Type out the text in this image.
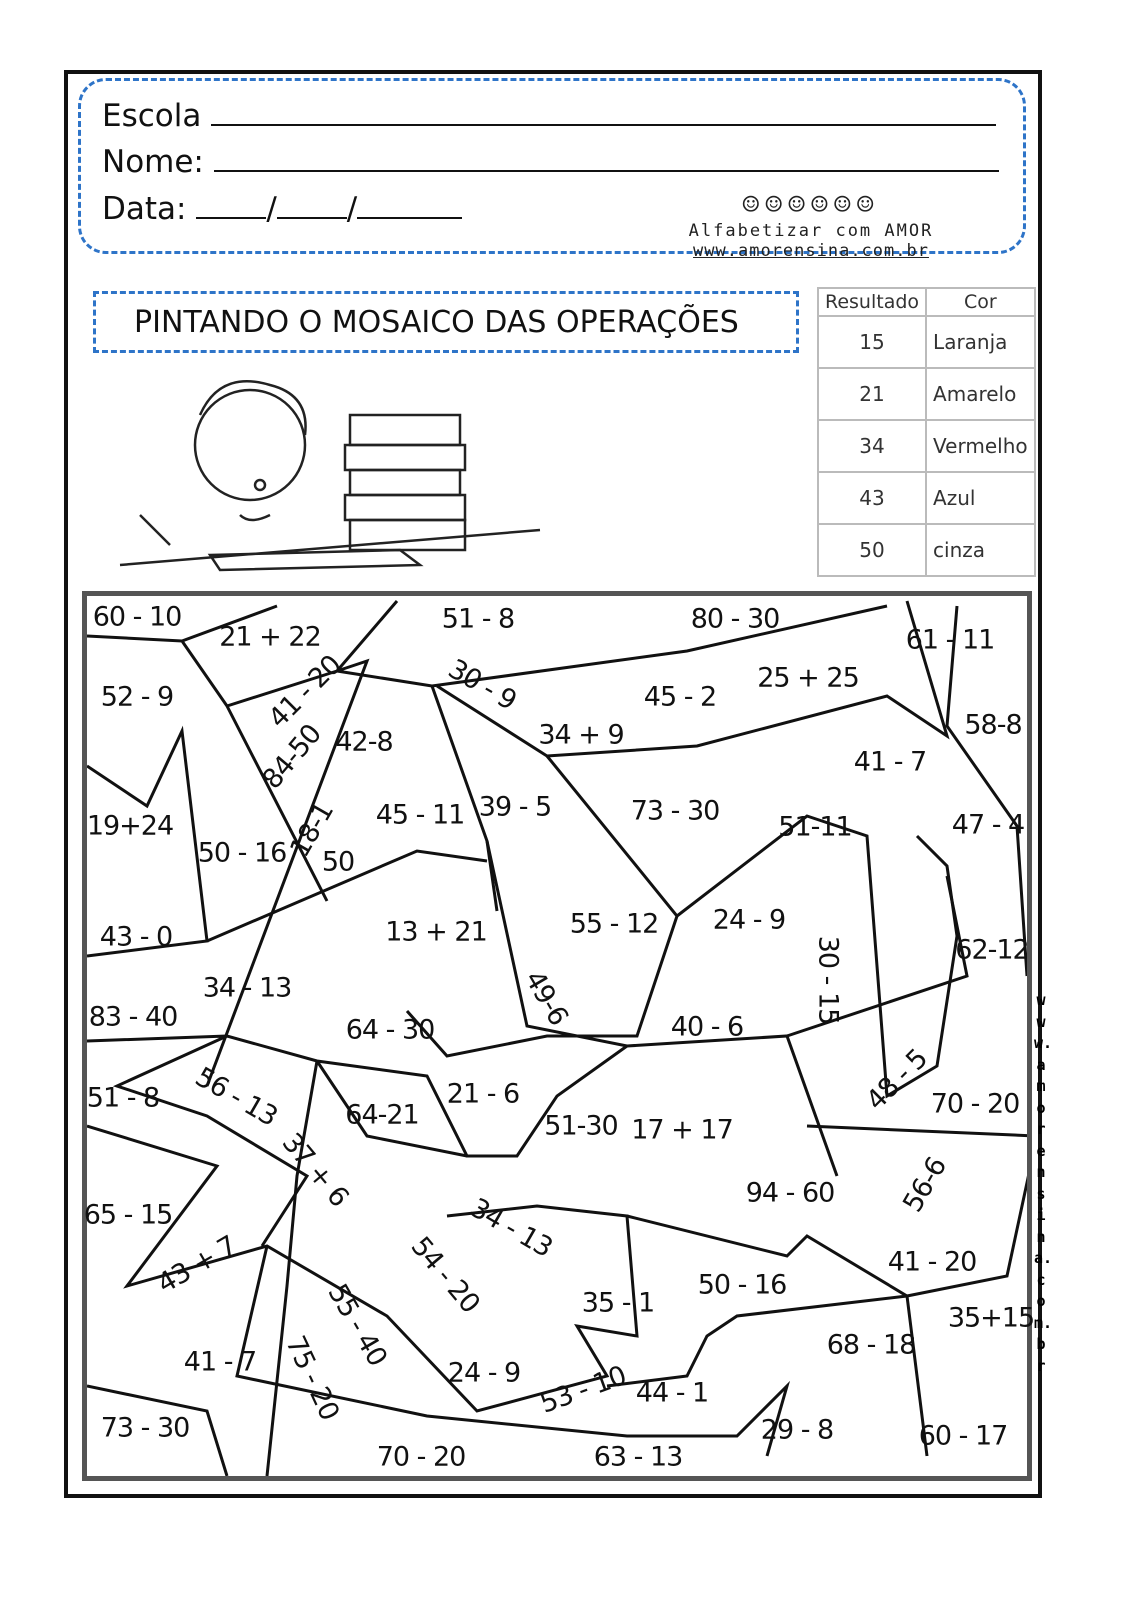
Escola
Nome:
Data:	/ /	☺☺☺☺☺☺
Alfabetizar com AMOR
www.amorensina.com.br
PINTANDO O MOSAICO DAS OPERAÇÕES
Resultado	Cor
15	Laranja
21	Amarelo
34	Vermelho
43	Azul
50	cinza
60 - 10
21 + 22
51 - 8	80 - 30
61 - 11
52 - 9	41 - 20	30 - 9	45 - 2
25 + 25
58-8
84-50 42-8	34 + 9
41 - 7
19+24	45 - 11 39 - 5	73 - 30
51-11	47 - 4
50 - 16
18-1
50
13 + 21	55 - 12 24 - 9
30 - 15
43 - 0	62-12
34 - 13	49-6
83 - 40	64 - 30	40 - 6
51 - 8 56 - 13	21 - 6	48 - 5
70 - 20
64-21	51-30 17 + 17
37 + 6	94 - 60 56-6
65 - 15	34 - 13
43 + 7	41 - 20
54 - 20	50 - 16
35 - 1	35+15
55 - 40	68 - 18
41 - 7	24 - 9 53 - 10 44 - 1
75 - 20
73 - 30	29 - 8	60 - 17
70 - 20	63 - 13
www.amorensina.com.br
